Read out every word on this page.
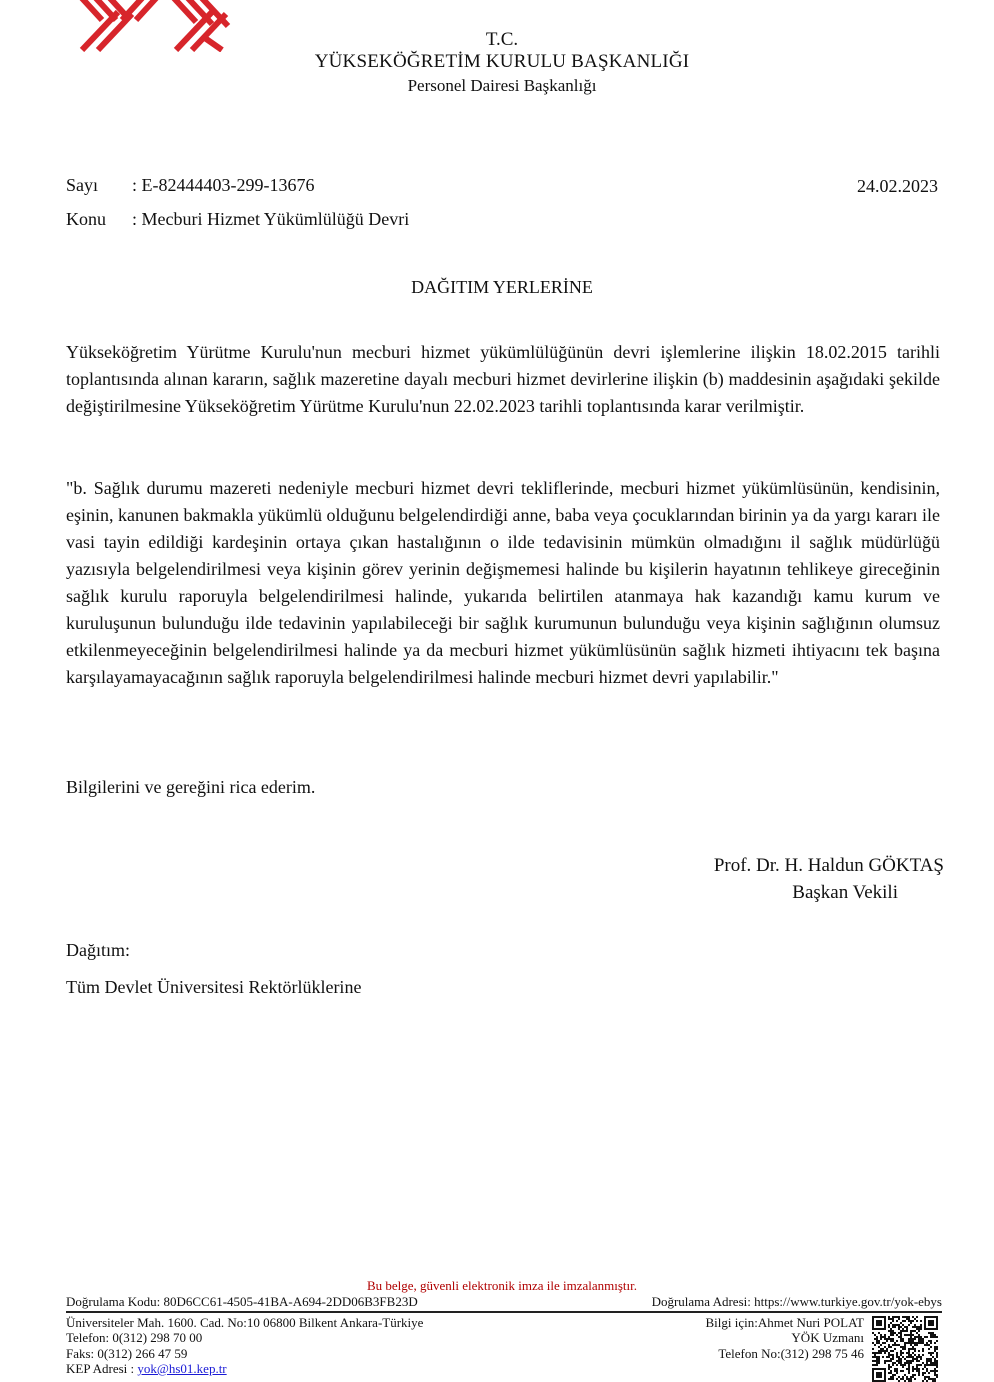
T.C.
YÜKSEKÖĞRETİM KURULU BAŞKANLIĞI
Personel Dairesi Başkanlığı
Sayı : E-82444403-299-13676
Konu : Mecburi Hizmet Yükümlülüğü Devri
24.02.2023
DAĞITIM YERLERİNE

Yükseköğretim Yürütme Kurulu'nun mecburi hizmet yükümlülüğünün devri işlemlerine ilişkin 18.02.2015 tarihli toplantısında alınan kararın, sağlık mazeretine dayalı mecburi hizmet devirlerine ilişkin (b) maddesinin aşağıdaki şekilde değiştirilmesine Yükseköğretim Yürütme Kurulu'nun 22.02.2023 tarihli toplantısında karar verilmiştir.

"b. Sağlık durumu mazereti nedeniyle mecburi hizmet devri tekliflerinde, mecburi hizmet yükümlüsünün, kendisinin, eşinin, kanunen bakmakla yükümlü olduğunu belgelendirdiği anne, baba veya çocuklarından birinin ya da yargı kararı ile vasi tayin edildiği kardeşinin ortaya çıkan hastalığının o ilde tedavisinin mümkün olmadığını il sağlık müdürlüğü yazısıyla belgelendirilmesi veya kişinin görev yerinin değişmemesi halinde bu kişilerin hayatının tehlikeye gireceğinin sağlık kurulu raporuyla belgelendirilmesi halinde, yukarıda belirtilen atanmaya hak kazandığı kamu kurum ve kuruluşunun bulunduğu ilde tedavinin yapılabileceği bir sağlık kurumunun bulunduğu veya kişinin sağlığının olumsuz etkilenmeyeceğinin belgelendirilmesi halinde ya da mecburi hizmet yükümlüsünün sağlık hizmeti ihtiyacını tek başına karşılayamayacağının sağlık raporuyla belgelendirilmesi halinde mecburi hizmet devri yapılabilir."

Bilgilerini ve gereğini rica ederim.

Prof. Dr. H. Haldun GÖKTAŞ
Başkan Vekili
Dağıtım:
Tüm Devlet Üniversitesi Rektörlüklerine
Bu belge, güvenli elektronik imza ile imzalanmıştır.
Doğrulama Kodu: 80D6CC61-4505-41BA-A694-2DD06B3FB23D	Doğrulama Adresi: https://www.turkiye.gov.tr/yok-ebys
Üniversiteler Mah. 1600. Cad. No:10 06800 Bilkent Ankara-Türkiye
Telefon: 0(312) 298 70 00
Faks: 0(312) 266 47 59
KEP Adresi : yok@hs01.kep.tr
Bilgi için:Ahmet Nuri POLAT
YÖK Uzmanı
Telefon No:(312) 298 75 46
